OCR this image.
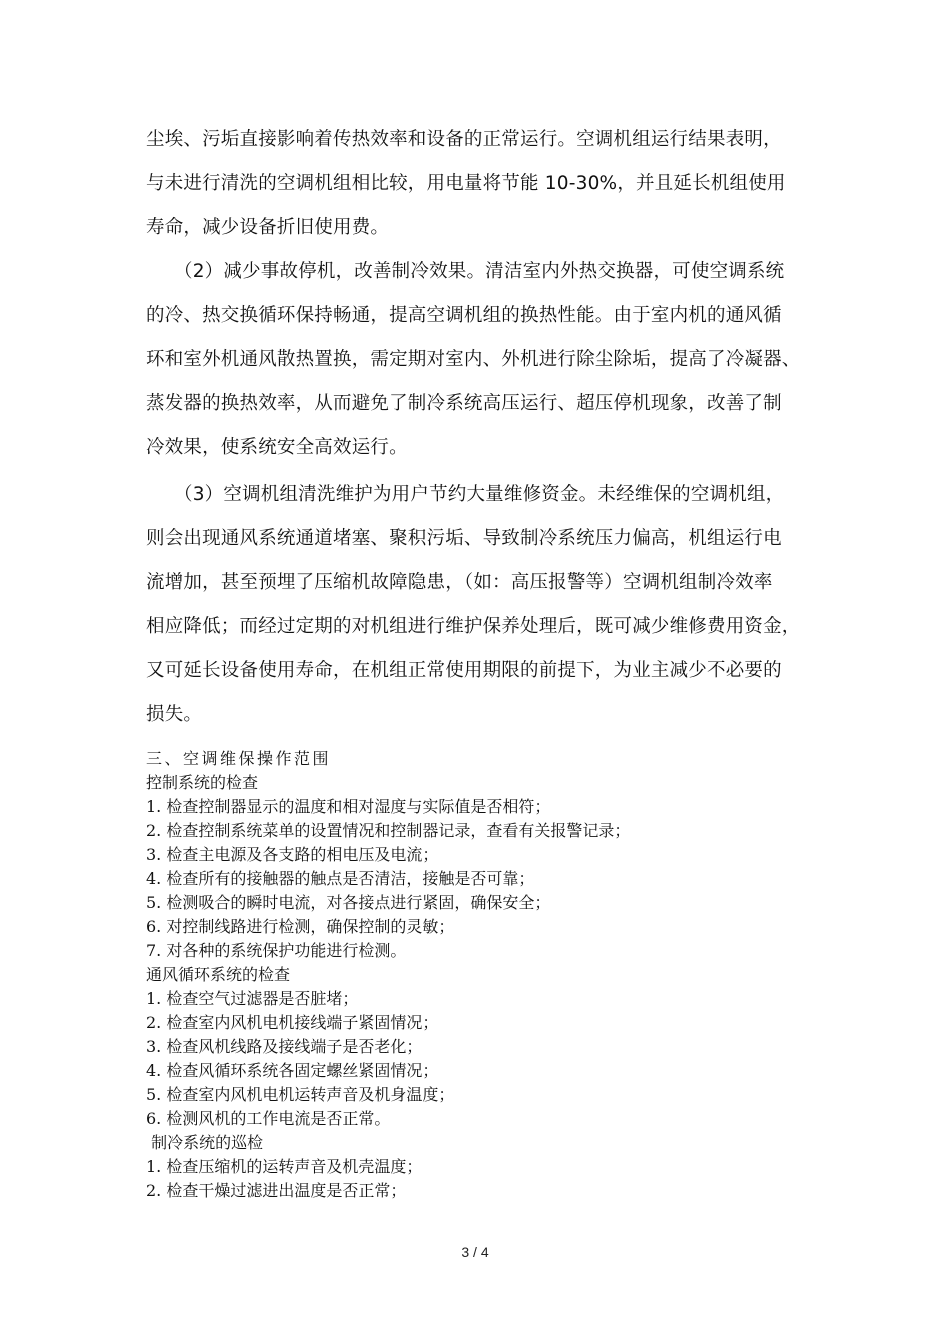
尘埃、污垢直接影响着传热效率和设备的正常运行。空调机组运行结果表明，
与未进行清洗的空调机组相比较，用电量将节能 10-30%，并且延长机组使用
寿命，减少设备折旧使用费。
（2）减少事故停机，改善制冷效果。清洁室内外热交换器，可使空调系统
的冷、热交换循环保持畅通，提高空调机组的换热性能。由于室内机的通风循
环和室外机通风散热置换，需定期对室内、外机进行除尘除垢，提高了冷凝器、
蒸发器的换热效率，从而避免了制冷系统高压运行、超压停机现象，改善了制
冷效果，使系统安全高效运行。
（3）空调机组清洗维护为用户节约大量维修资金。未经维保的空调机组，
则会出现通风系统通道堵塞、聚积污垢、导致制冷系统压力偏高，机组运行电
流增加，甚至预埋了压缩机故障隐患，（如：高压报警等）空调机组制冷效率
相应降低；而经过定期的对机组进行维护保养处理后，既可减少维修费用资金，
又可延长设备使用寿命，在机组正常使用期限的前提下，为业主减少不必要的
损失。
三、空调维保操作范围
控制系统的检查
1. 检查控制器显示的温度和相对湿度与实际值是否相符；
2. 检查控制系统菜单的设置情况和控制器记录，查看有关报警记录；
3. 检查主电源及各支路的相电压及电流；
4. 检查所有的接触器的触点是否清洁，接触是否可靠；
5. 检测吸合的瞬时电流，对各接点进行紧固，确保安全；
6. 对控制线路进行检测，确保控制的灵敏；
7. 对各种的系统保护功能进行检测。
通风循环系统的检查
1. 检查空气过滤器是否脏堵；
2. 检查室内风机电机接线端子紧固情况；
3. 检查风机线路及接线端子是否老化；
4. 检查风循环系统各固定螺丝紧固情况；
5. 检查室内风机电机运转声音及机身温度；
6. 检测风机的工作电流是否正常。
制冷系统的巡检
1. 检查压缩机的运转声音及机壳温度；
2. 检查干燥过滤进出温度是否正常；
3 / 4
